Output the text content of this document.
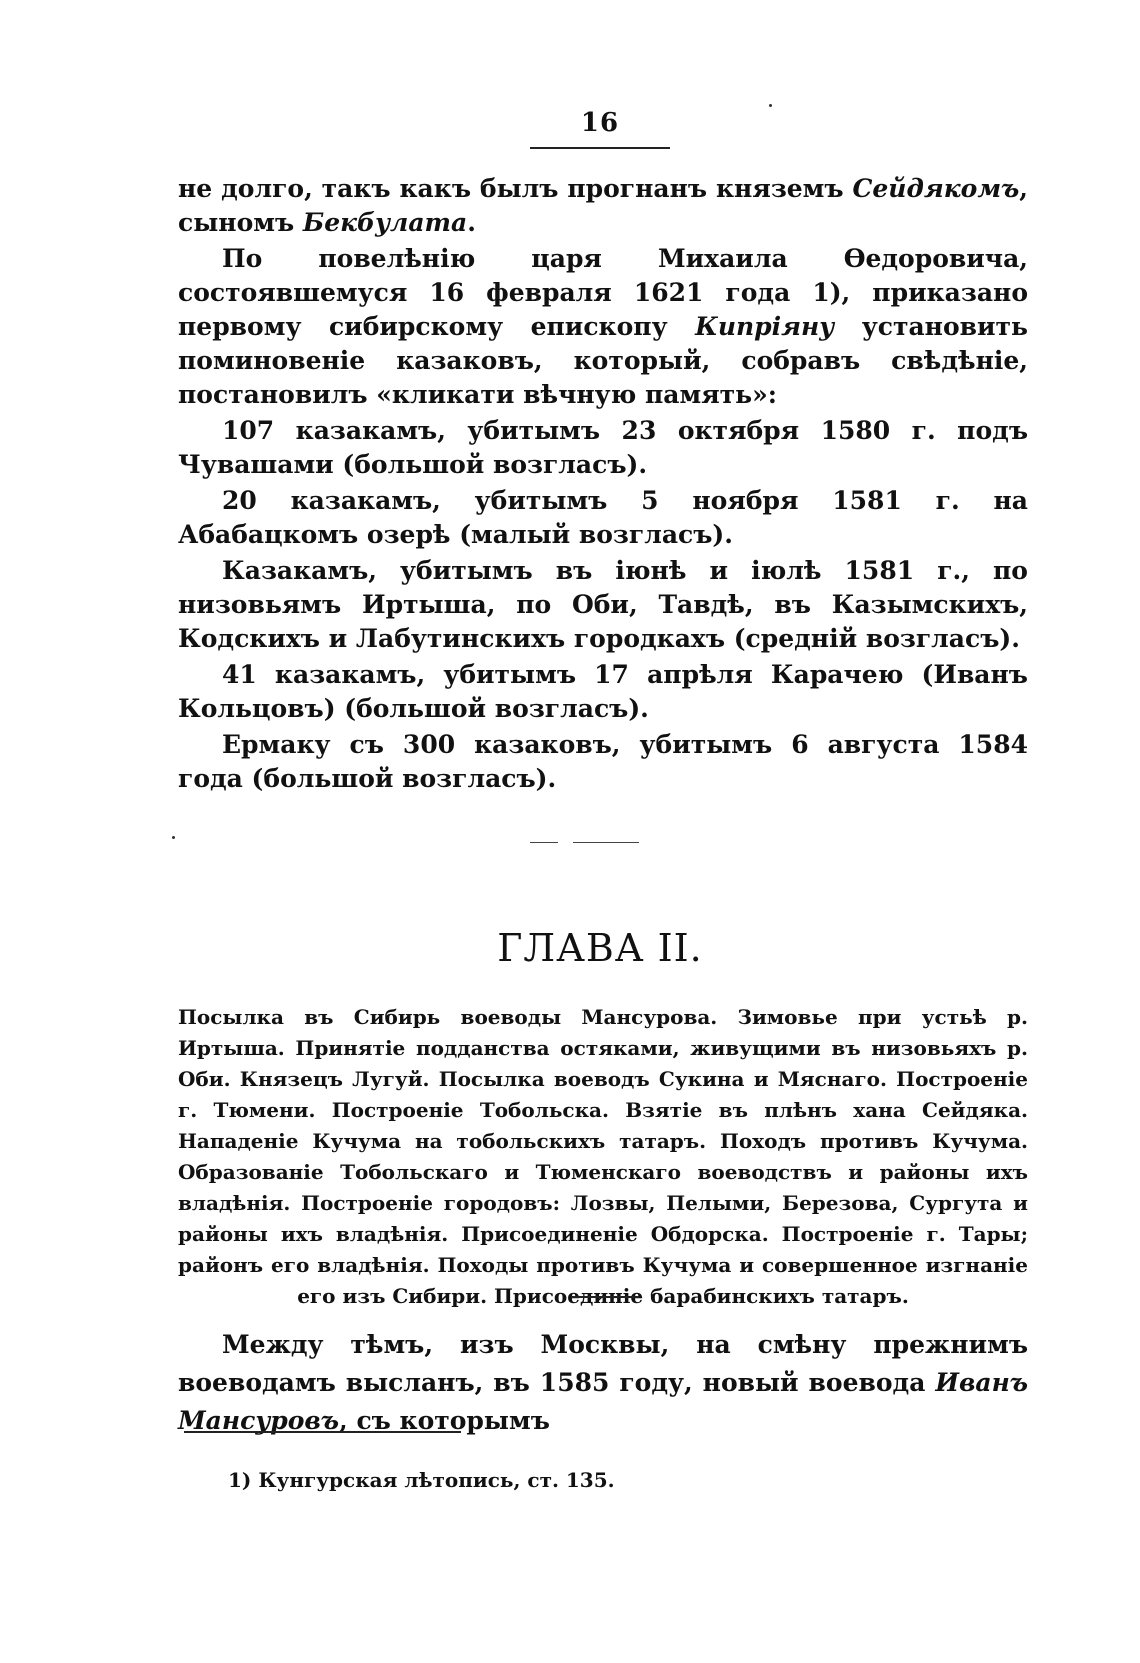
16

не долго, такъ какъ былъ прогнанъ княземъ Сейдякомъ, сыномъ Бекбулата.

По повелѣнію царя Михаила Ѳедоровича, состоявшемуся 16 февраля 1621 года 1), приказано первому сибирскому епископу Кипріяну установить поминовеніе казаковъ, который, собравъ свѣдѣніе, постановилъ «кликати вѣчную память»:

107 казакамъ, убитымъ 23 октября 1580 г. подъ Чувашами (большой возгласъ).

20 казакамъ, убитымъ 5 ноября 1581 г. на Абабацкомъ озерѣ (малый возгласъ).

Казакамъ, убитымъ въ іюнѣ и іюлѣ 1581 г., по низовьямъ Иртыша, по Оби, Тавдѣ, въ Казымскихъ, Кодскихъ и Лабутинскихъ городкахъ (средній возгласъ).

41 казакамъ, убитымъ 17 апрѣля Карачею (Иванъ Кольцовъ) (большой возгласъ).

Ермаку съ 300 казаковъ, убитымъ 6 августа 1584 года (большой возгласъ).

ГЛАВА II.
Посылка въ Сибирь воеводы Мансурова. Зимовье при устьѣ р. Иртыша. Принятіе подданства остяками, живущими въ низовьяхъ р. Оби. Князецъ Лугуй. Посылка воеводъ Сукина и Мяснаго. Построеніе г. Тюмени. Построеніе Тобольска. Взятіе въ плѣнъ хана Сейдяка. Нападеніе Кучума на тобольскихъ татаръ. Походъ противъ Кучума. Образованіе Тобольскаго и Тюменскаго воеводствъ и районы ихъ владѣнія. Построеніе городовъ: Лозвы, Пелыми, Березова, Сургута и районы ихъ владѣнія. Присоединеніе Обдорска. Построеніе г. Тары; районъ его владѣнія. Походы противъ Кучума и совершенное изгнаніе его изъ Сибири. Присоединіе барабинскихъ татаръ.
Между тѣмъ, изъ Москвы, на смѣну прежнимъ воеводамъ высланъ, въ 1585 году, новый воевода Иванъ Мансуровъ, съ которымъ
1) Кунгурская лѣтопись, ст. 135.
